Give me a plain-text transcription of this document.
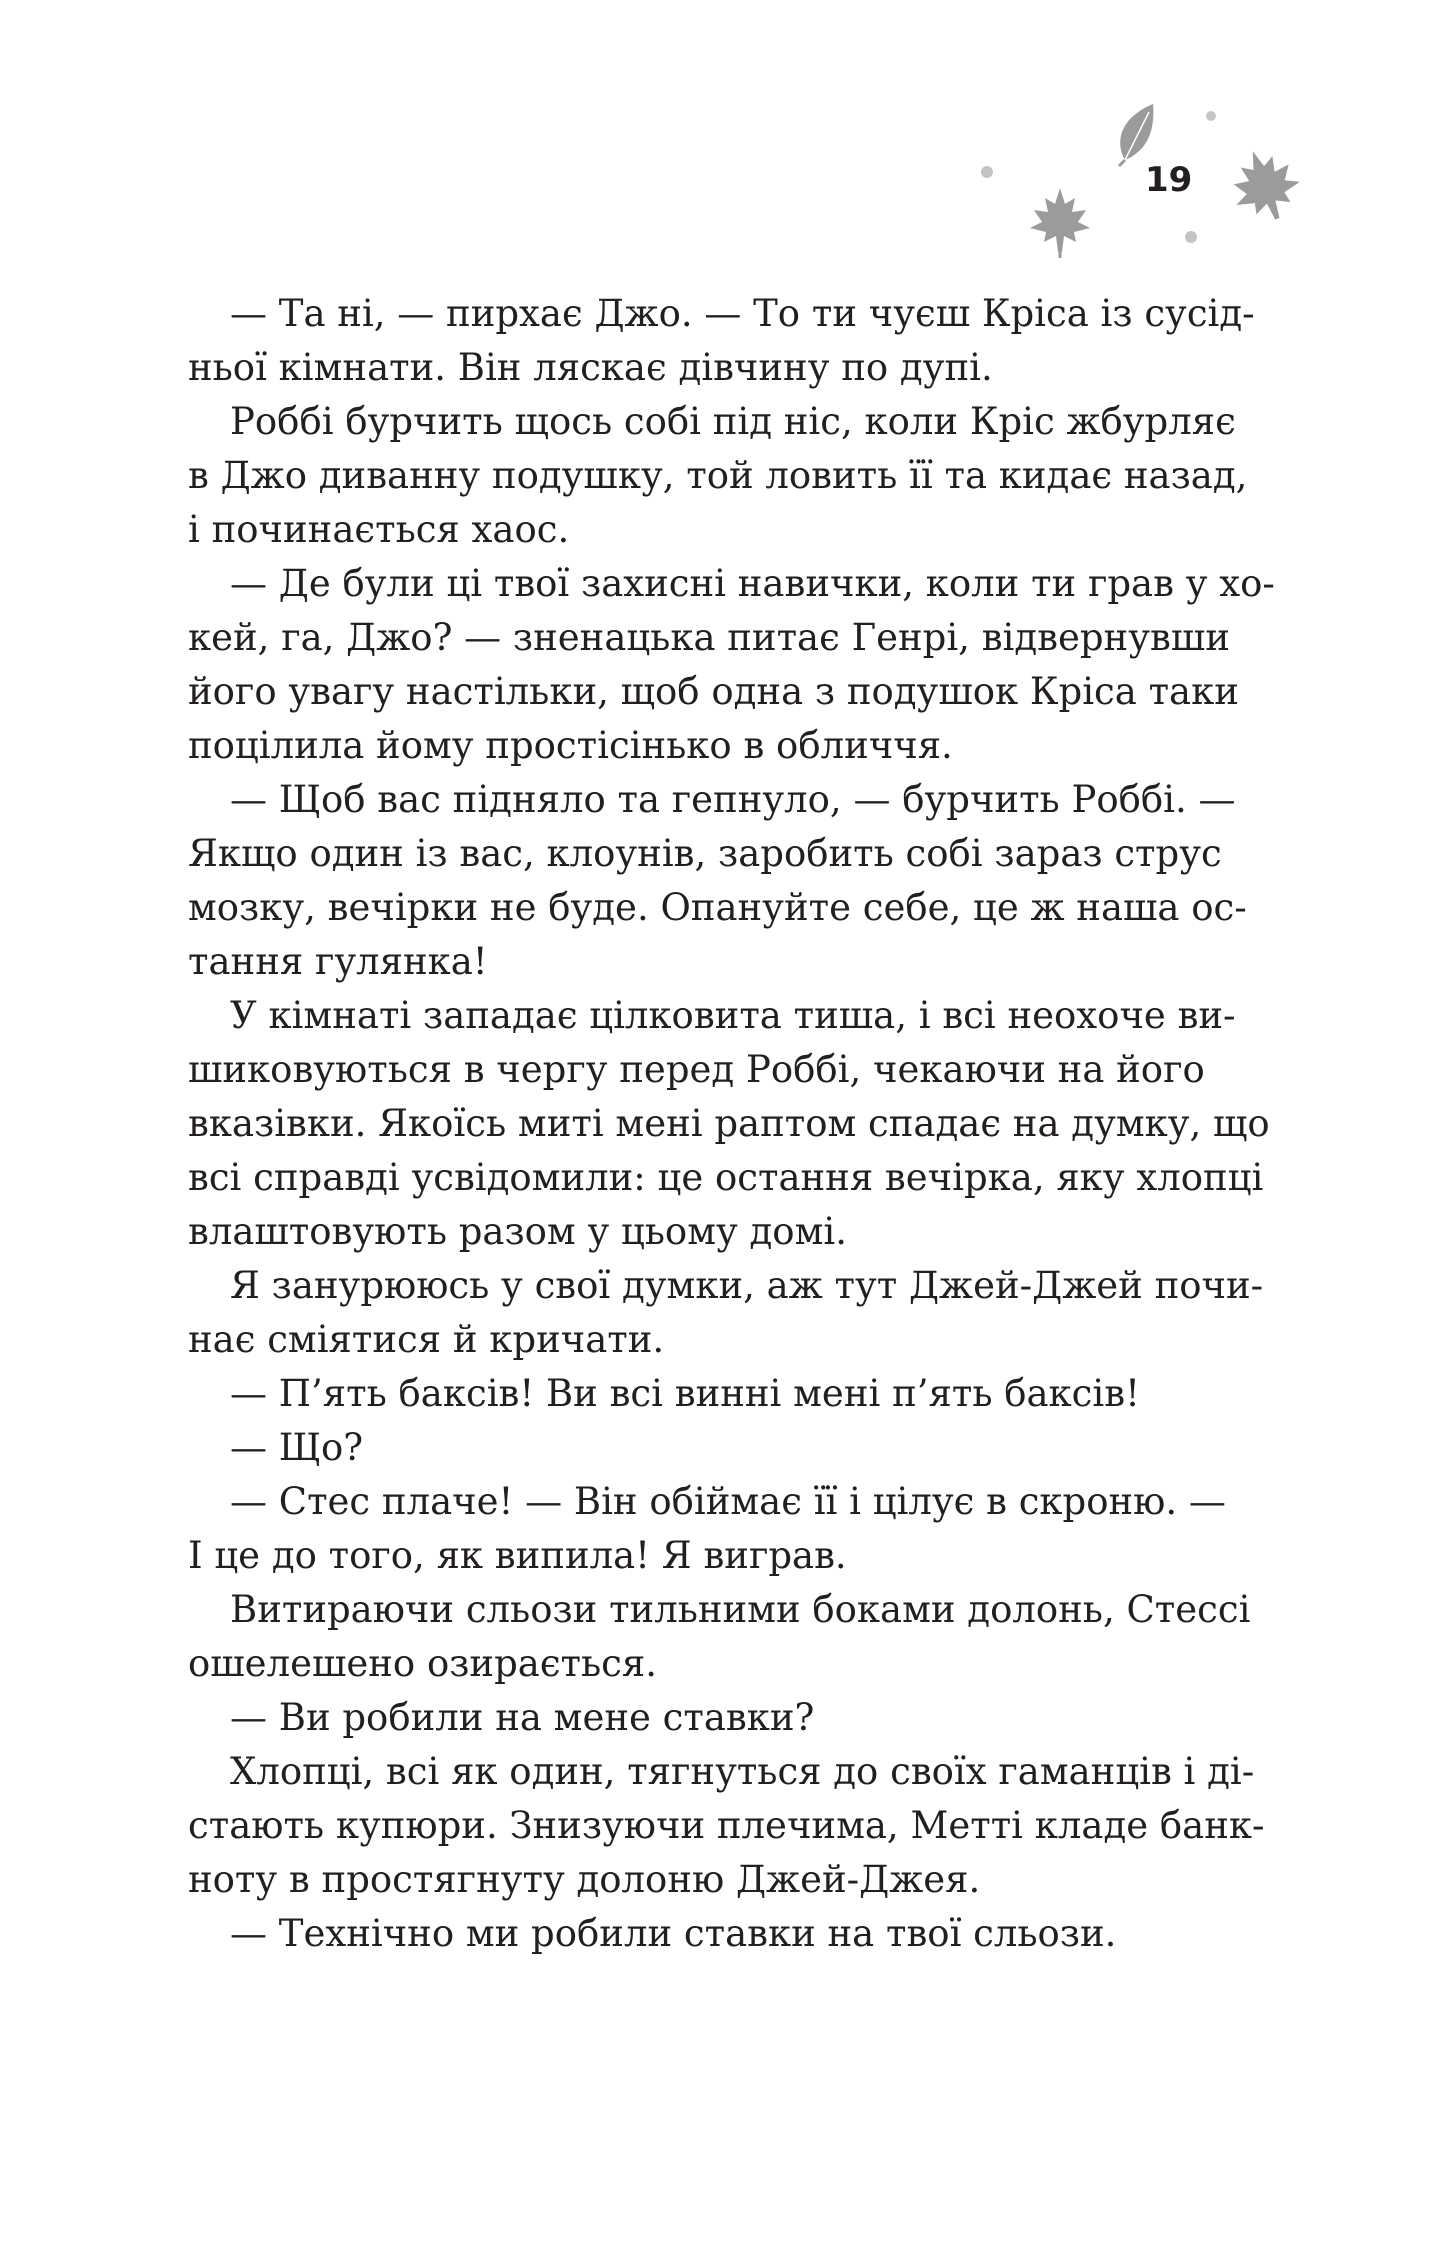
19
— Та ні, — пирхає Джо. — То ти чуєш Кріса із сусід-
ньої кімнати. Він ляскає дівчину по дупі.
Роббі бурчить щось собі під ніс, коли Кріс жбурляє
в Джо диванну подушку, той ловить її та кидає назад,
і починається хаос.
— Де були ці твої захисні навички, коли ти грав у хо-
кей, га, Джо? — зненацька питає Генрі, відвернувши
його увагу настільки, щоб одна з подушок Кріса таки
поцілила йому простісінько в обличчя.
— Щоб вас підняло та гепнуло, — бурчить Роббі. —
Якщо один із вас, клоунів, заробить собі зараз струс
мозку, вечірки не буде. Опануйте себе, це ж наша ос-
тання гулянка!
У кімнаті западає цілковита тиша, і всі неохоче ви-
шиковуються в чергу перед Роббі, чекаючи на його
вказівки. Якоїсь миті мені раптом спадає на думку, що
всі справді усвідомили: це остання вечірка, яку хлопці
влаштовують разом у цьому домі.
Я занурююсь у свої думки, аж тут Джей-Джей почи-
нає сміятися й кричати.
— П’ять баксів! Ви всі винні мені п’ять баксів!
— Що?
— Стес плаче! — Він обіймає її і цілує в скроню. —
І це до того, як випила! Я виграв.
Витираючи сльози тильними боками долонь, Стессі
ошелешено озирається.
— Ви робили на мене ставки?
Хлопці, всі як один, тягнуться до своїх гаманців і ді-
стають купюри. Знизуючи плечима, Метті кладе банк-
ноту в простягнуту долоню Джей-Джея.
— Технічно ми робили ставки на твої сльози.
